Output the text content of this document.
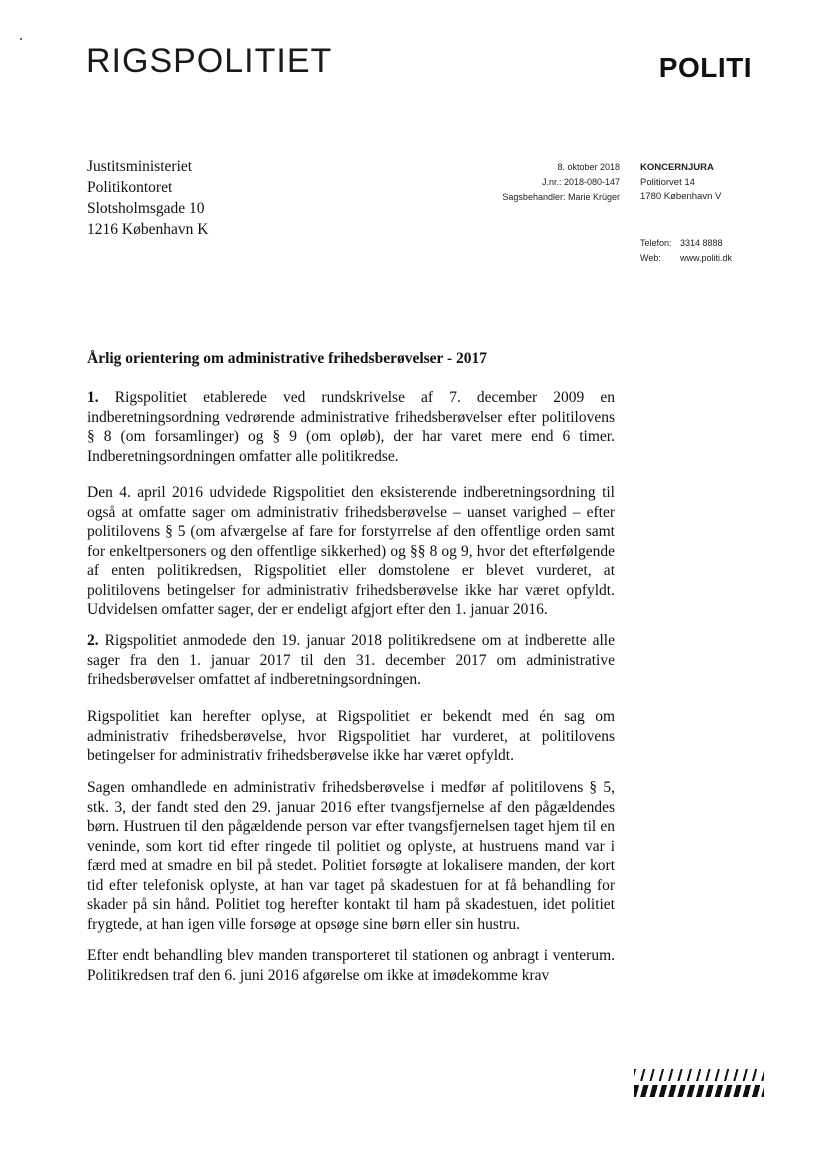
RIGSPOLITIET	POLITI
Justitsministeriet
Politikontoret
Slotsholmsgade 10
1216 København K
8. oktober 2018
J.nr.: 2018-080-147
Sagsbehandler: Marie Krüger
KONCERNJURA
Politiorvet 14
1780 København V
Telefon: 3314 8888
Web:	www.politi.dk
Årlig orientering om administrative frihedsberøvelser - 2017
1. Rigspolitiet etablerede ved rundskrivelse af 7. december 2009 en indberetningsordning vedrørende administrative frihedsberøvelser efter politilovens § 8 (om forsamlinger) og § 9 (om opløb), der har varet mere end 6 timer. Indberetningsordningen omfatter alle politikredse.
Den 4. april 2016 udvidede Rigspolitiet den eksisterende indberetningsordning til også at omfatte sager om administrativ frihedsberøvelse – uanset varighed – efter politilovens § 5 (om afværgelse af fare for forstyrrelse af den offentlige orden samt for enkeltpersoners og den offentlige sikkerhed) og §§ 8 og 9, hvor det efterfølgende af enten politikredsen, Rigspolitiet eller domstolene er blevet vurderet, at politilovens betingelser for administrativ frihedsberøvelse ikke har været opfyldt. Udvidelsen omfatter sager, der er endeligt afgjort efter den 1. januar 2016.
2. Rigspolitiet anmodede den 19. januar 2018 politikredsene om at indberette alle sager fra den 1. januar 2017 til den 31. december 2017 om administrative frihedsberøvelser omfattet af indberetningsordningen.
Rigspolitiet kan herefter oplyse, at Rigspolitiet er bekendt med én sag om administrativ frihedsberøvelse, hvor Rigspolitiet har vurderet, at politilovens betingelser for administrativ frihedsberøvelse ikke har været opfyldt.
Sagen omhandlede en administrativ frihedsberøvelse i medfør af politilovens § 5, stk. 3, der fandt sted den 29. januar 2016 efter tvangsfjernelse af den pågældendes børn. Hustruen til den pågældende person var efter tvangsfjernelsen taget hjem til en veninde, som kort tid efter ringede til politiet og oplyste, at hustruens mand var i færd med at smadre en bil på stedet. Politiet forsøgte at lokalisere manden, der kort tid efter telefonisk oplyste, at han var taget på skadestuen for at få behandling for skader på sin hånd. Politiet tog herefter kontakt til ham på skadestuen, idet politiet frygtede, at han igen ville forsøge at opsøge sine børn eller sin hustru.
Efter endt behandling blev manden transporteret til stationen og anbragt i venterum. Politikredsen traf den 6. juni 2016 afgørelse om ikke at imødekomme krav
